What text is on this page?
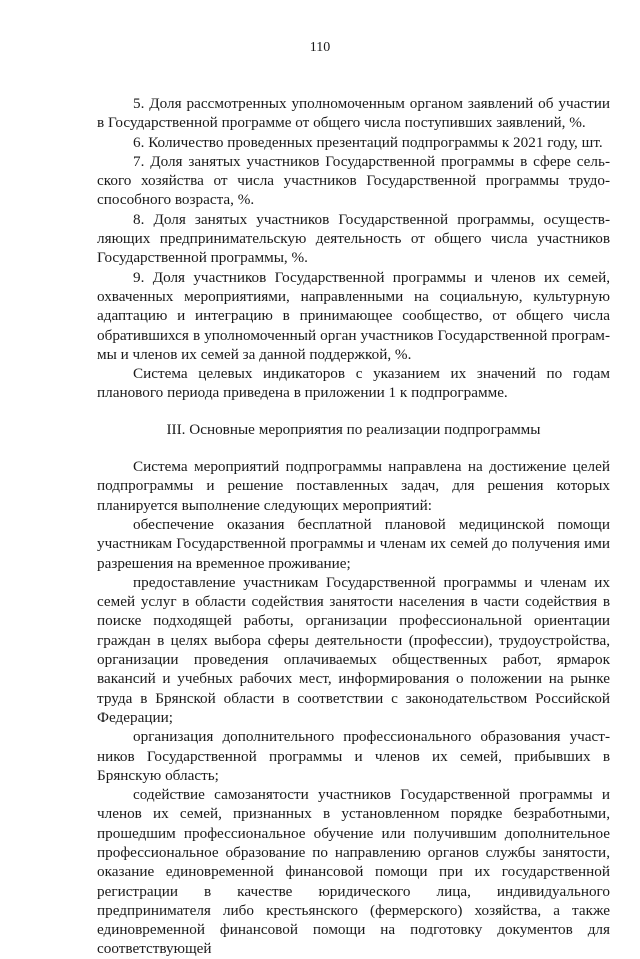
110

5. Доля рассмотренных уполномоченным органом заявлений об участии в Государственной программе от общего числа поступивших заявлений, %.

6. Количество проведенных презентаций подпрограммы к 2021 году, шт.

7. Доля занятых участников Государственной программы в сфере сельского хозяйства от числа участников Государственной программы трудоспособного возраста, %.

8. Доля занятых участников Государственной программы, осуществляющих предпринимательскую деятельность от общего числа участников Государственной программы, %.

9. Доля участников Государственной программы и членов их семей, охваченных мероприятиями, направленными на социальную, культурную адаптацию и интеграцию в принимающее сообщество, от общего числа обратившихся в уполномоченный орган участников Государственной программы и членов их семей за данной поддержкой, %.

Система целевых индикаторов с указанием их значений по годам планового периода приведена в приложении 1 к подпрограмме.

III. Основные мероприятия по реализации подпрограммы

Система мероприятий подпрограммы направлена на достижение целей подпрограммы и решение поставленных задач, для решения которых планируется выполнение следующих мероприятий:

обеспечение оказания бесплатной плановой медицинской помощи участникам Государственной программы и членам их семей до получения ими разрешения на временное проживание;

предоставление участникам Государственной программы и членам их семей услуг в области содействия занятости населения в части содействия в поиске подходящей работы, организации профессиональной ориентации граждан в целях выбора сферы деятельности (профессии), трудоустройства, организации проведения оплачиваемых общественных работ, ярмарок вакансий и учебных рабочих мест, информирования о положении на рынке труда в Брянской области в соответствии с законодательством Российской Федерации;

организация дополнительного профессионального образования участников Государственной программы и членов их семей, прибывших в Брянскую область;

содействие самозанятости участников Государственной программы и членов их семей, признанных в установленном порядке безработными, прошедшим профессиональное обучение или получившим дополнительное профессиональное образование по направлению органов службы занятости, оказание единовременной финансовой помощи при их государственной регистрации в качестве юридического лица, индивидуального предпринимателя либо крестьянского (фермерского) хозяйства, а также единовременной финансовой помощи на подготовку документов для соответствующей
